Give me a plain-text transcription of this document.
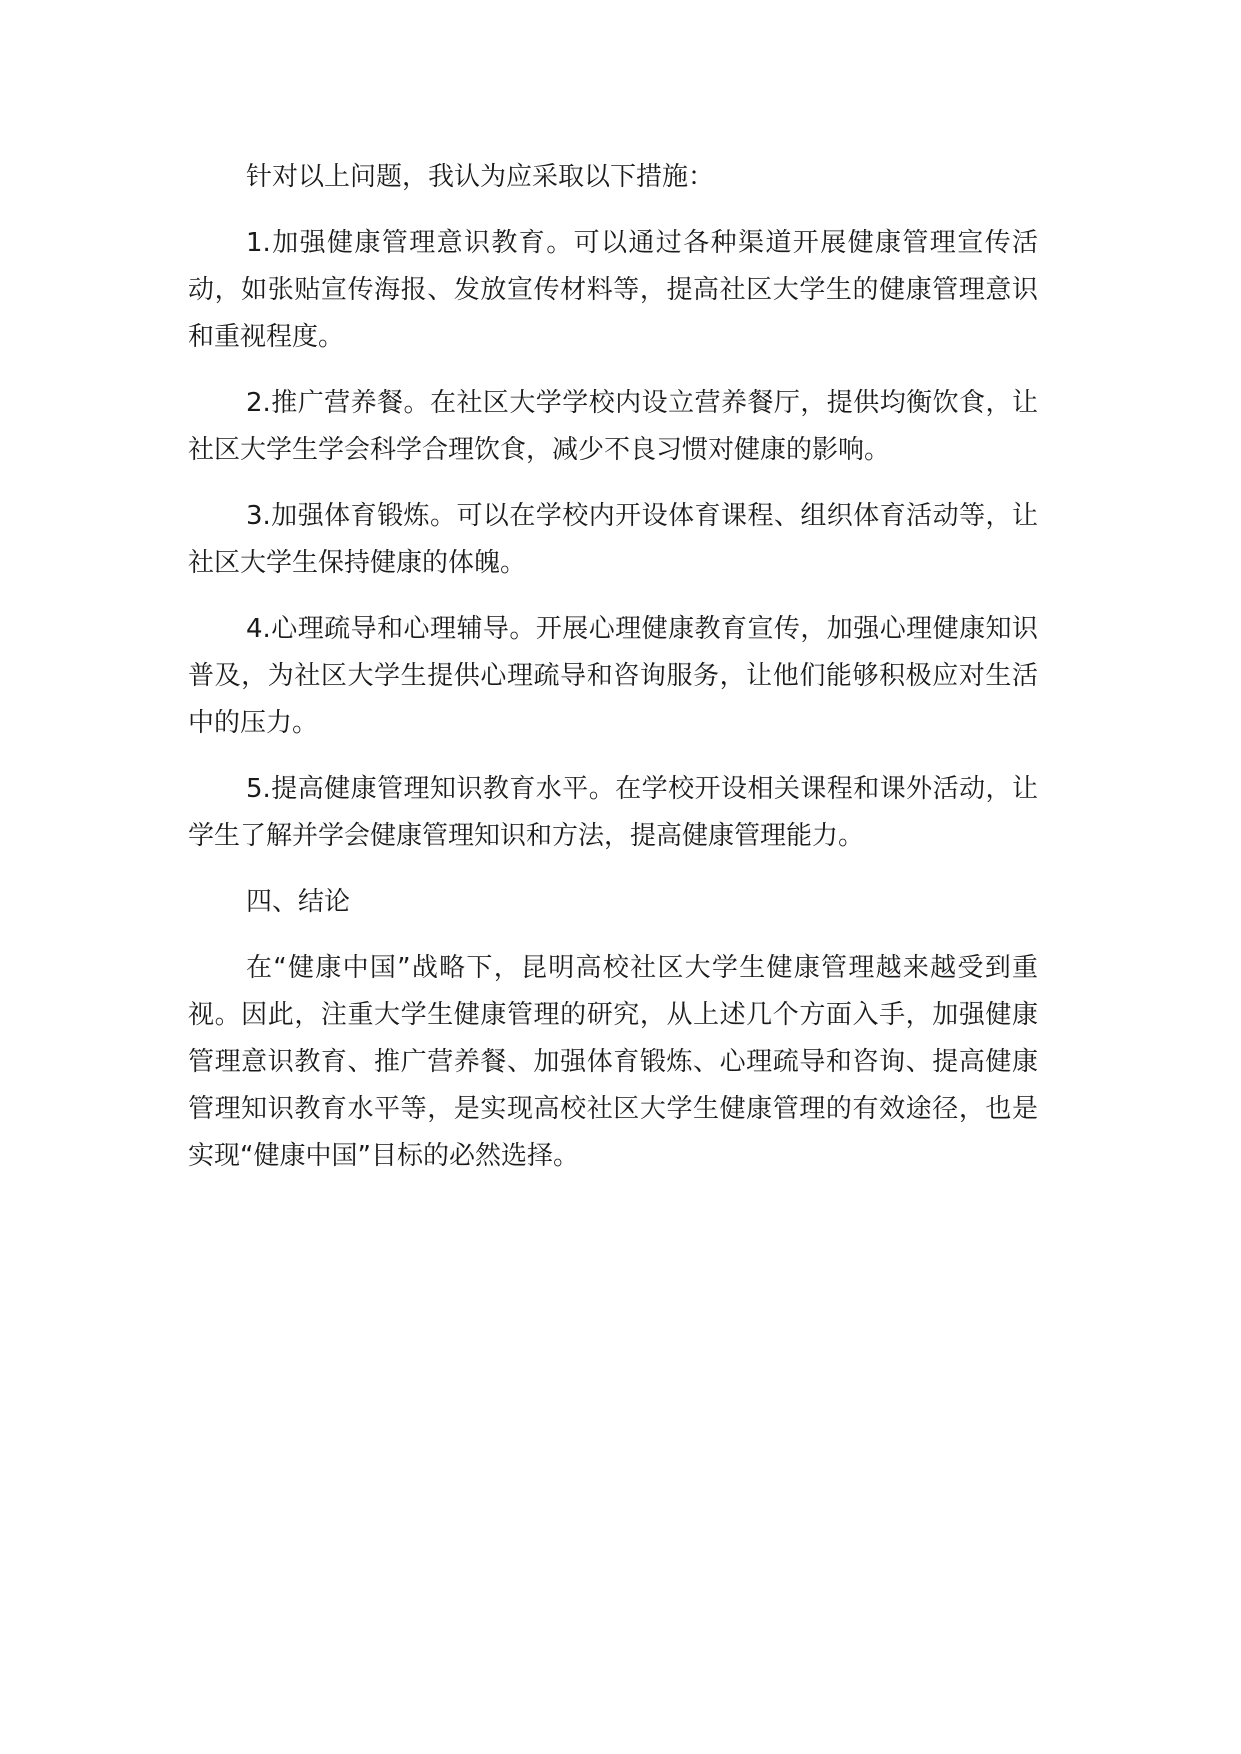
针对以上问题，我认为应采取以下措施：

1.加强健康管理意识教育。可以通过各种渠道开展健康管理宣传活动，如张贴宣传海报、发放宣传材料等，提高社区大学生的健康管理意识和重视程度。

2.推广营养餐。在社区大学学校内设立营养餐厅，提供均衡饮食，让社区大学生学会科学合理饮食，减少不良习惯对健康的影响。

3.加强体育锻炼。可以在学校内开设体育课程、组织体育活动等，让社区大学生保持健康的体魄。

4.心理疏导和心理辅导。开展心理健康教育宣传，加强心理健康知识普及，为社区大学生提供心理疏导和咨询服务，让他们能够积极应对生活中的压力。

5.提高健康管理知识教育水平。在学校开设相关课程和课外活动，让学生了解并学会健康管理知识和方法，提高健康管理能力。

四、结论

在“健康中国”战略下，昆明高校社区大学生健康管理越来越受到重视。因此，注重大学生健康管理的研究，从上述几个方面入手，加强健康管理意识教育、推广营养餐、加强体育锻炼、心理疏导和咨询、提高健康管理知识教育水平等，是实现高校社区大学生健康管理的有效途径，也是实现“健康中国”目标的必然选择。
